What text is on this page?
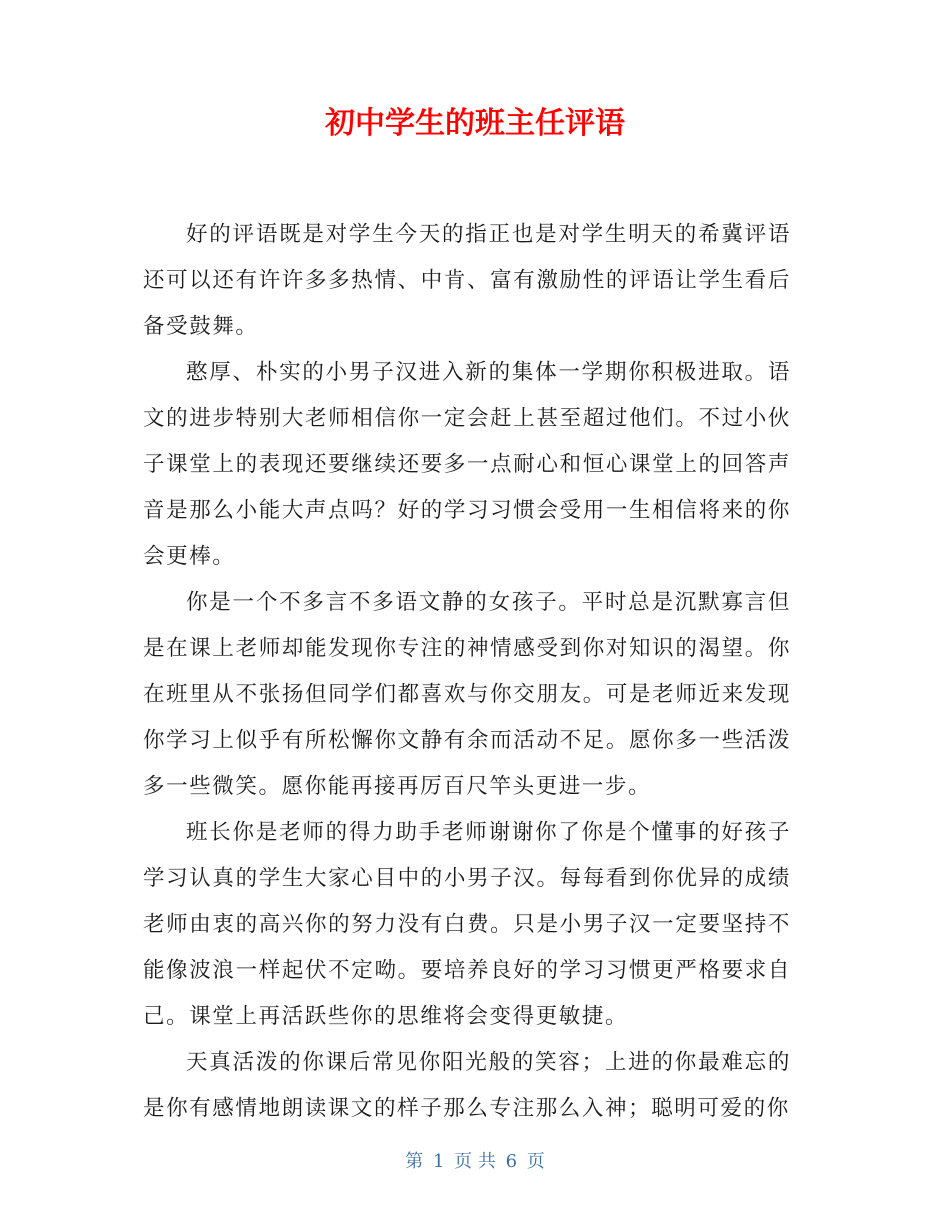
初中学生的班主任评语

好的评语既是对学生今天的指正也是对学生明天的希冀评语还可以还有许许多多热情、中肯、富有激励性的评语让学生看后备受鼓舞。

憨厚、朴实的小男子汉进入新的集体一学期你积极进取。语文的进步特别大老师相信你一定会赶上甚至超过他们。不过小伙子课堂上的表现还要继续还要多一点耐心和恒心课堂上的回答声音是那么小能大声点吗？好的学习习惯会受用一生相信将来的你会更棒。

你是一个不多言不多语文静的女孩子。平时总是沉默寡言但是在课上老师却能发现你专注的神情感受到你对知识的渴望。你在班里从不张扬但同学们都喜欢与你交朋友。可是老师近来发现你学习上似乎有所松懈你文静有余而活动不足。愿你多一些活泼多一些微笑。愿你能再接再厉百尺竿头更进一步。

班长你是老师的得力助手老师谢谢你了你是个懂事的好孩子学习认真的学生大家心目中的小男子汉。每每看到你优异的成绩老师由衷的高兴你的努力没有白费。只是小男子汉一定要坚持不能像波浪一样起伏不定呦。要培养良好的学习习惯更严格要求自己。课堂上再活跃些你的思维将会变得更敏捷。

天真活泼的你课后常见你阳光般的笑容；上进的你最难忘的是你有感情地朗读课文的样子那么专注那么入神；聪明可爱的你

第 1 页 共 6 页
